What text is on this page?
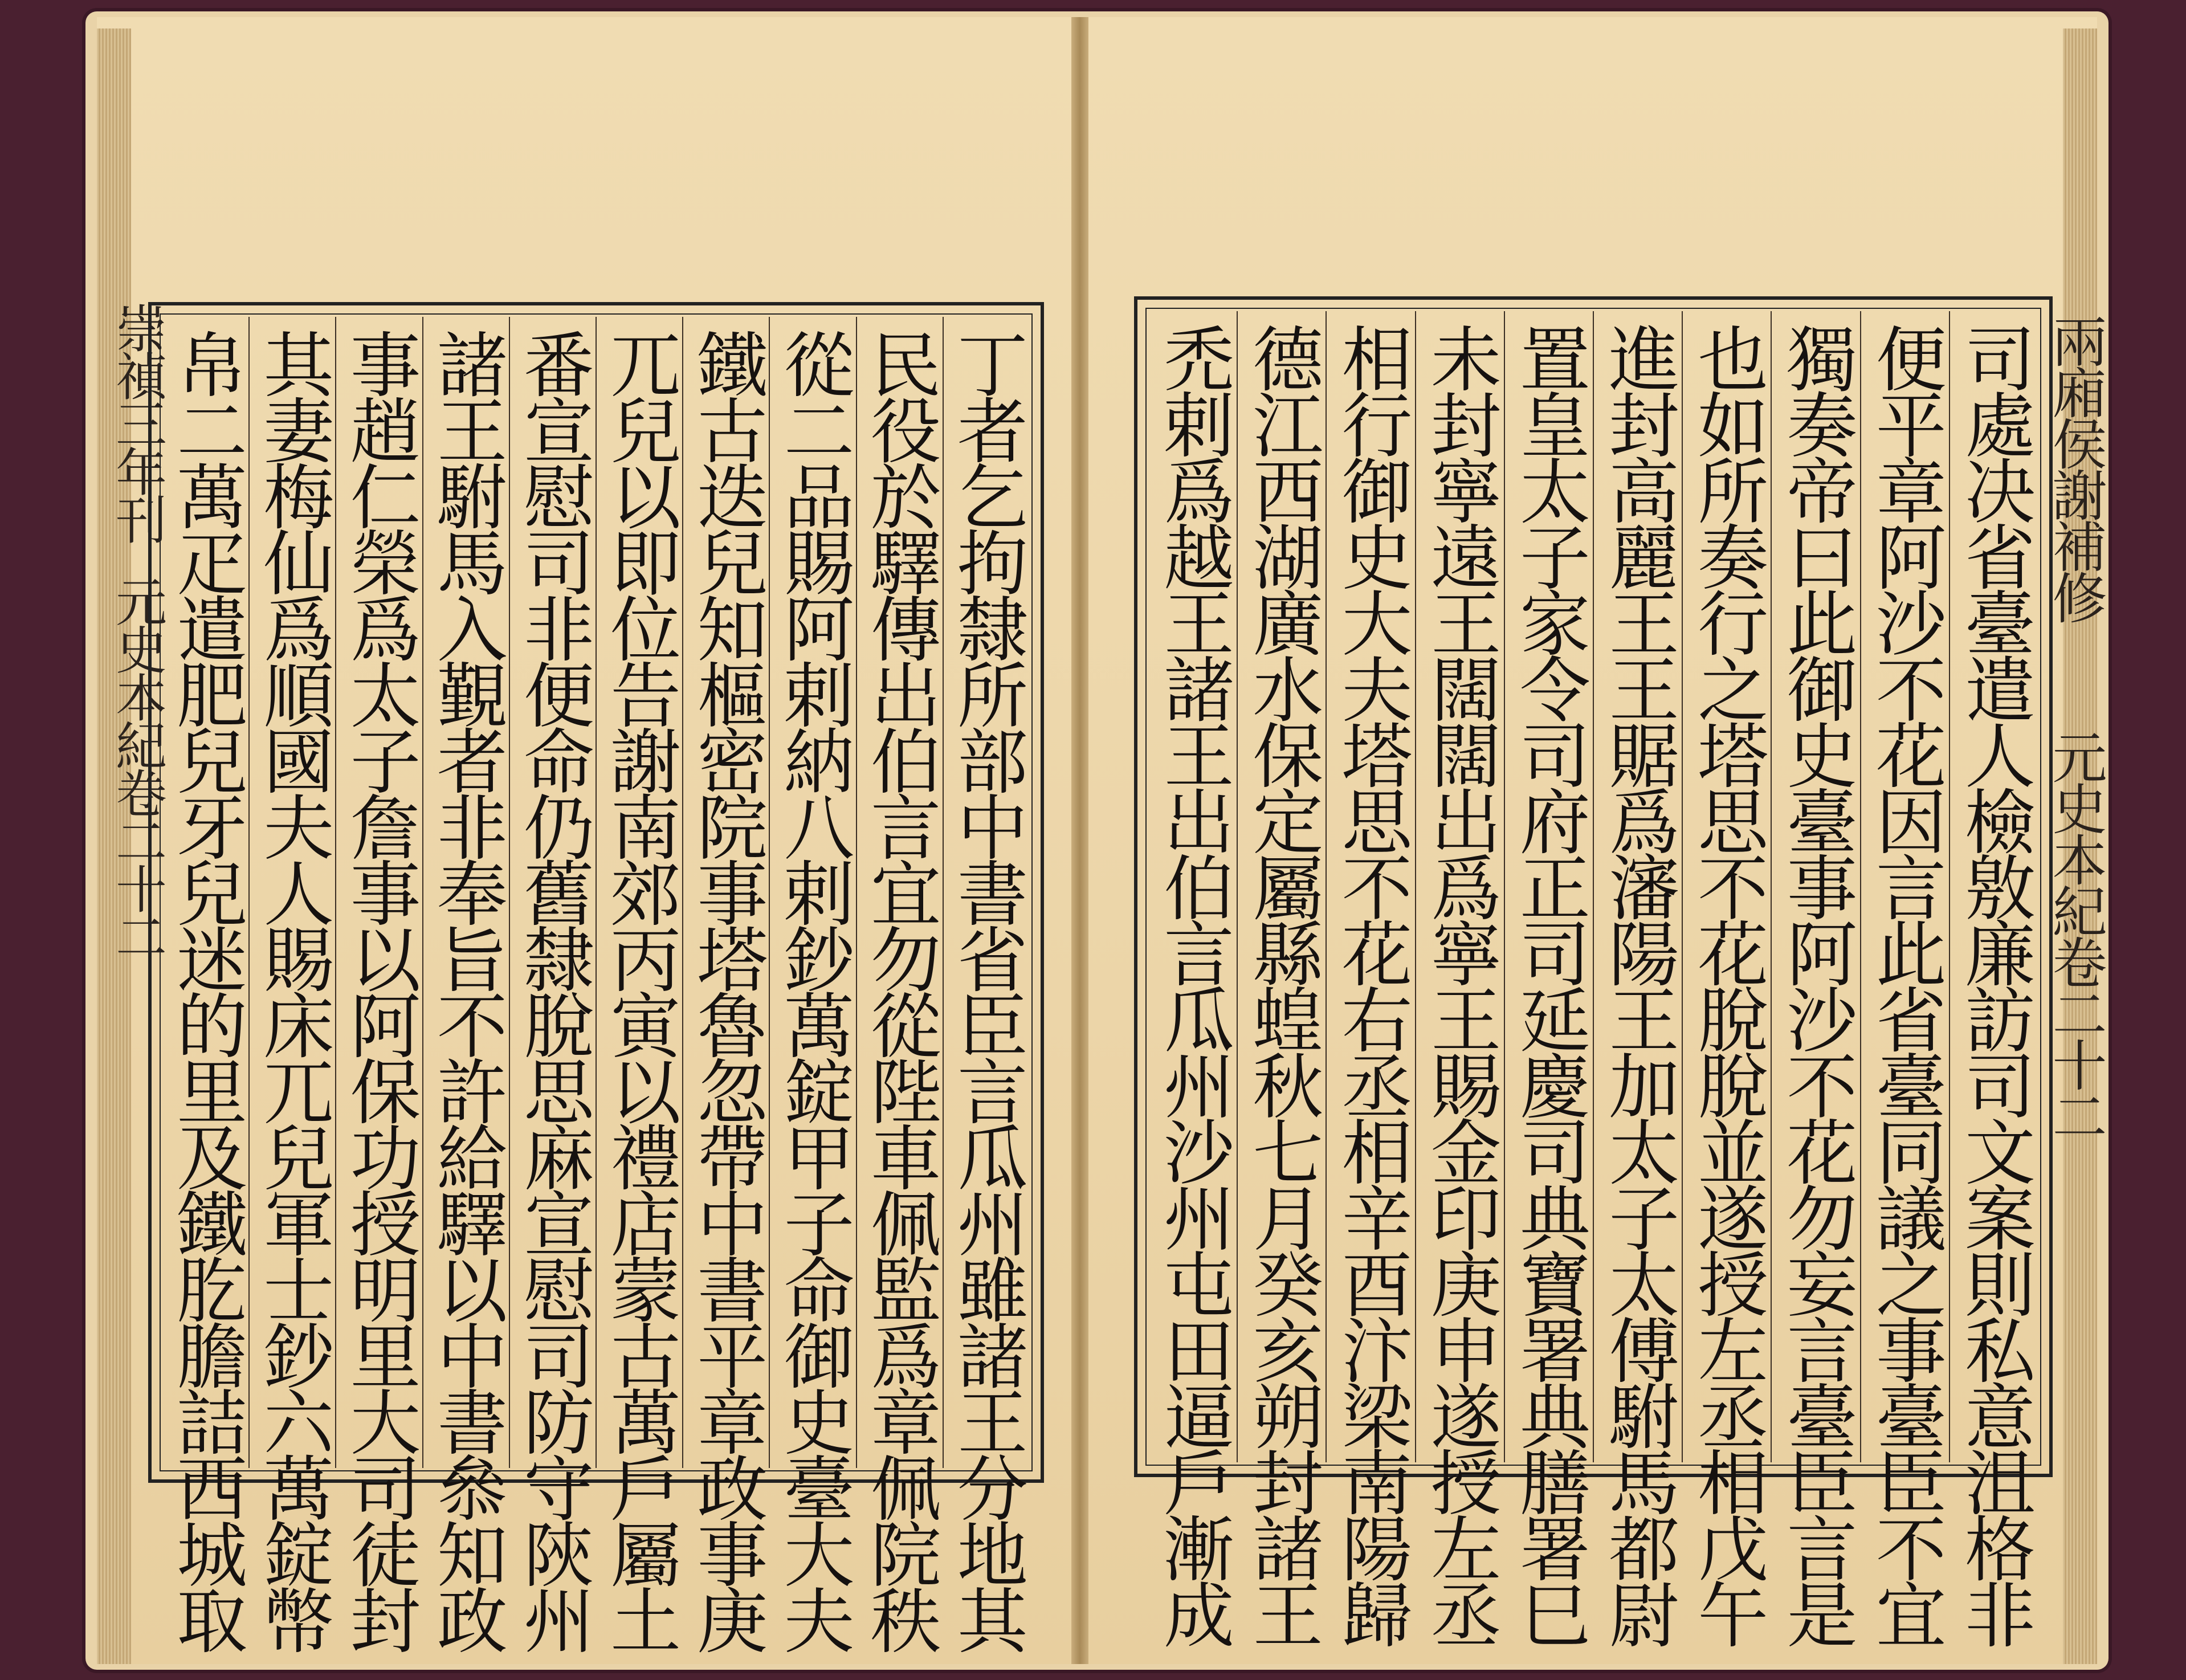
崇禎三年刊
元史本紀卷二十二	丁者乞拘隸所部中書省臣言瓜州雖諸王分地其
民役於驛傳出伯言宜勿從陛車佩監爲章佩院秩
從二品賜阿剌納八剌鈔萬錠甲子命御史臺大夫
鐵古迭兒知樞密院事塔魯忽帶中書平章政事庚
兀兒以即位告謝南郊丙寅以禮店蒙古萬戶屬土
番宣慰司非便命仍舊隸脫思麻宣慰司防守陝州
諸王駙馬入覲者非奉旨不許給驛以中書叅知政
事趙仁榮爲太子詹事以阿保功授明里大司徒封
其妻梅仙爲順國夫人賜床兀兒軍士鈔六萬錠幣
帛二萬疋遣肥兒牙兒迷的里及鐵肐膽詰西城取	司處决省臺遣人檢敫廉訪司文案則私意沮格非
便平章阿沙不花因言此省臺同議之事臺臣不宜
獨奏帝曰此御史臺事阿沙不花勿妄言臺臣言是
也如所奏行之塔思不花脫脫並遂授左丞相戊午
進封高麗王王䝻爲瀋陽王加太子太傅駙馬都尉
置皇太子家令司府正司延慶司典寶署典膳署巳
未封寧遠王闊闊出爲寧王賜金印庚申遂授左丞
相行御史大夫塔思不花右丞相辛酉汴梁南陽歸
德江西湖廣水保定屬縣蝗秋七月癸亥朔封諸王
禿剌爲越王諸王出伯言瓜州沙州屯田逼戶漸成	兩廂侯謝補修
元史本紀卷二十二
